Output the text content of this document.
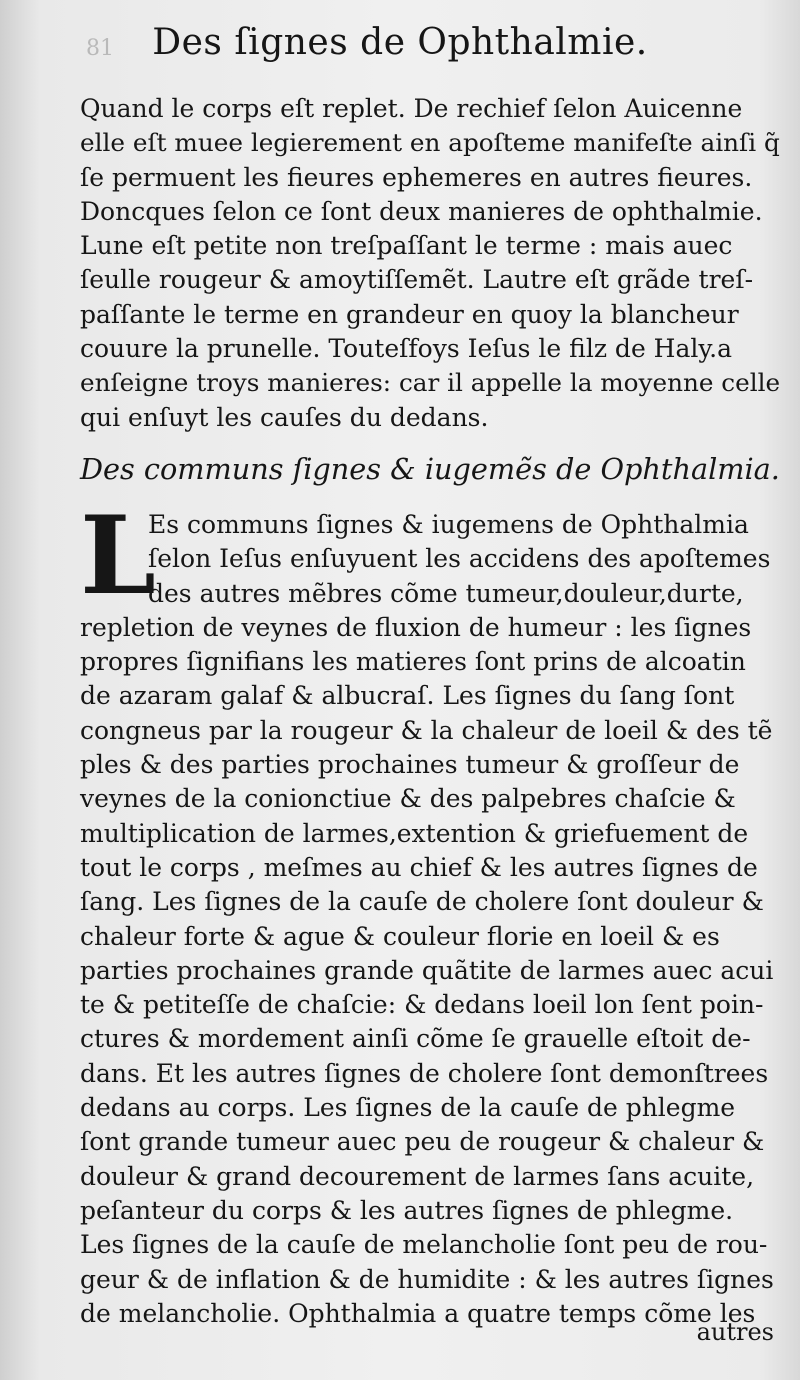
81	Des ſignes de Ophthalmie.
Quand le corps eſt replet. De rechief ſelon Auicenne
elle eſt muee legierement en apoſteme manifeſte ainſi q̃
ſe permuent les fieures ephemeres en autres fieures.
Doncques ſelon ce ſont deux manieres de ophthalmie.
Lune eſt petite non treſpaſſant le terme : mais auec
ſeulle rougeur & amoytiſſemẽt. Lautre eſt grãde treſ-
paſſante le terme en grandeur en quoy la blancheur
couure la prunelle. Touteſfoys Ieſus le filz de Haly.a
enſeigne troys manieres: car il appelle la moyenne celle
qui enſuyt les cauſes du dedans.
Des communs ſignes & iugemẽs de Ophthalmia.
L
Es communs ſignes & iugemens de Ophthalmia
ſelon Ieſus enſuyuent les accidens des apoſtemes
des autres mẽbres cõme tumeur,douleur,durte,
repletion de veynes de fluxion de humeur : les ſignes
propres ſignifians les matieres ſont prins de alcoatin
de azaram galaf & albucraſ. Les ſignes du ſang ſont
congneus par la rougeur & la chaleur de loeil & des tẽ
ples & des parties prochaines tumeur & groſſeur de
veynes de la conionctiue & des palpebres chaſcie &
multiplication de larmes,extention & griefuement de
tout le corps , meſmes au chief & les autres ſignes de
ſang. Les ſignes de la cauſe de cholere ſont douleur &
chaleur forte & ague & couleur florie en loeil & es
parties prochaines grande quãtite de larmes auec acui
te & petiteſſe de chaſcie: & dedans loeil lon ſent poin-
ctures & mordement ainſi cõme ſe grauelle eſtoit de-
dans. Et les autres ſignes de cholere ſont demonſtrees
dedans au corps. Les ſignes de la cauſe de phlegme
ſont grande tumeur auec peu de rougeur & chaleur &
douleur & grand decourement de larmes ſans acuite,
peſanteur du corps & les autres ſignes de phlegme.
Les ſignes de la cauſe de melancholie ſont peu de rou-
geur & de inflation & de humidite : & les autres ſignes
de melancholie. Ophthalmia a quatre temps cõme les
autres
